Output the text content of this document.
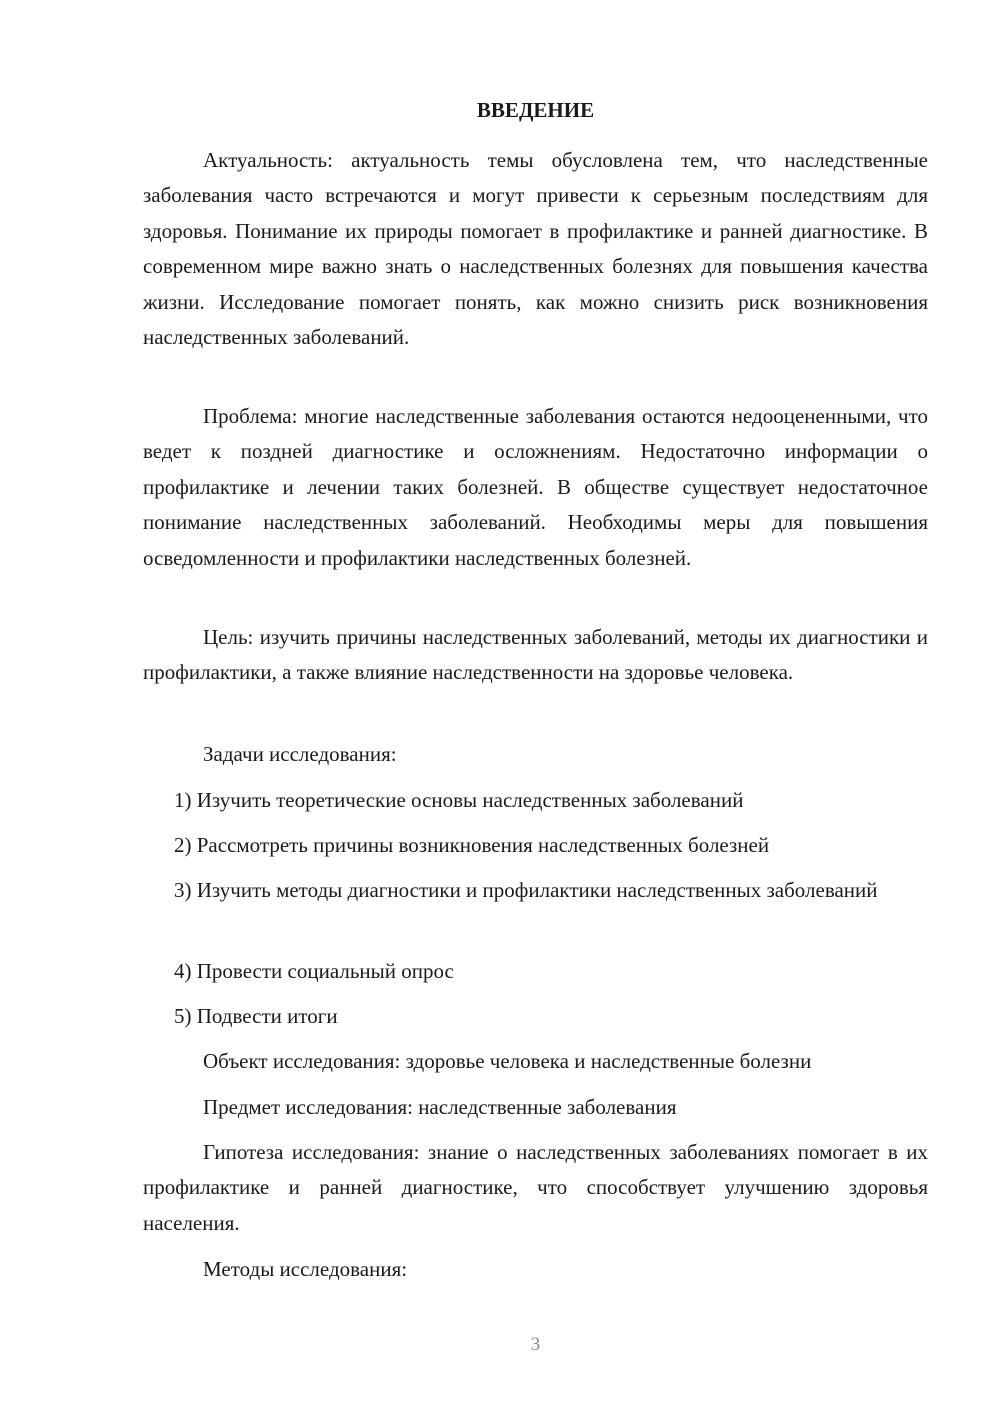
ВВЕДЕНИЕ

Актуальность: актуальность темы обусловлена тем, что наследственные заболевания часто встречаются и могут привести к серьезным последствиям для здоровья. Понимание их природы помогает в профилактике и ранней диагностике. В современном мире важно знать о наследственных болезнях для повышения качества жизни. Исследование помогает понять, как можно снизить риск возникновения наследственных заболеваний.

Проблема: многие наследственные заболевания остаются недооцененными, что ведет к поздней диагностике и осложнениям. Недостаточно информации о профилактике и лечении таких болезней. В обществе существует недостаточное понимание наследственных заболеваний. Необходимы меры для повышения осведомленности и профилактики наследственных болезней.

Цель: изучить причины наследственных заболеваний, методы их диагностики и профилактики, а также влияние наследственности на здоровье человека.

Задачи исследования:

1) Изучить теоретические основы наследственных заболеваний

2) Рассмотреть причины возникновения наследственных болезней

3) Изучить методы диагностики и профилактики наследственных заболеваний

4) Провести социальный опрос

5) Подвести итоги

Объект исследования: здоровье человека и наследственные болезни

Предмет исследования: наследственные заболевания

Гипотеза исследования: знание о наследственных заболеваниях помогает в их профилактике и ранней диагностике, что способствует улучшению здоровья населения.

Методы исследования:

3
